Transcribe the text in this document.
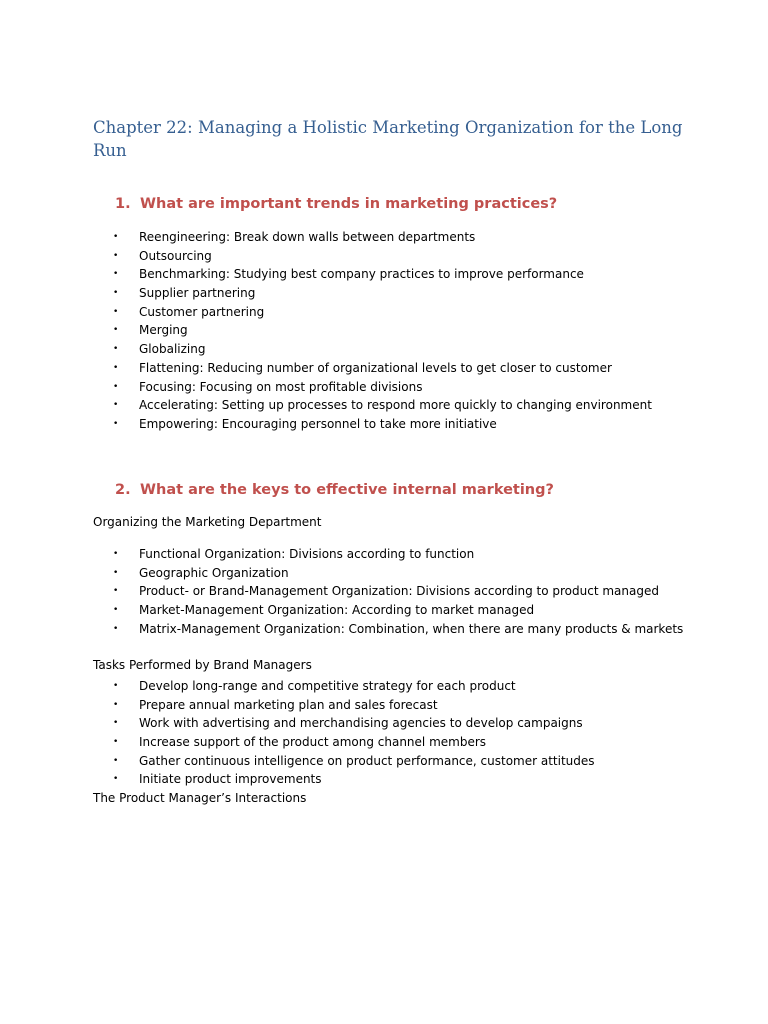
Chapter 22: Managing a Holistic Marketing Organization for the Long Run
1. What are important trends in marketing practices?
• Reengineering: Break down walls between departments
• Outsourcing
• Benchmarking: Studying best company practices to improve performance
• Supplier partnering
• Customer partnering
• Merging
• Globalizing
• Flattening: Reducing number of organizational levels to get closer to customer
• Focusing: Focusing on most profitable divisions
• Accelerating: Setting up processes to respond more quickly to changing environment
• Empowering: Encouraging personnel to take more initiative
2. What are the keys to effective internal marketing?
Organizing the Marketing Department
• Functional Organization: Divisions according to function
• Geographic Organization
• Product- or Brand-Management Organization: Divisions according to product managed
• Market-Management Organization: According to market managed
• Matrix-Management Organization: Combination, when there are many products & markets
Tasks Performed by Brand Managers
• Develop long-range and competitive strategy for each product
• Prepare annual marketing plan and sales forecast
• Work with advertising and merchandising agencies to develop campaigns
• Increase support of the product among channel members
• Gather continuous intelligence on product performance, customer attitudes
• Initiate product improvements
The Product Manager’s Interactions
